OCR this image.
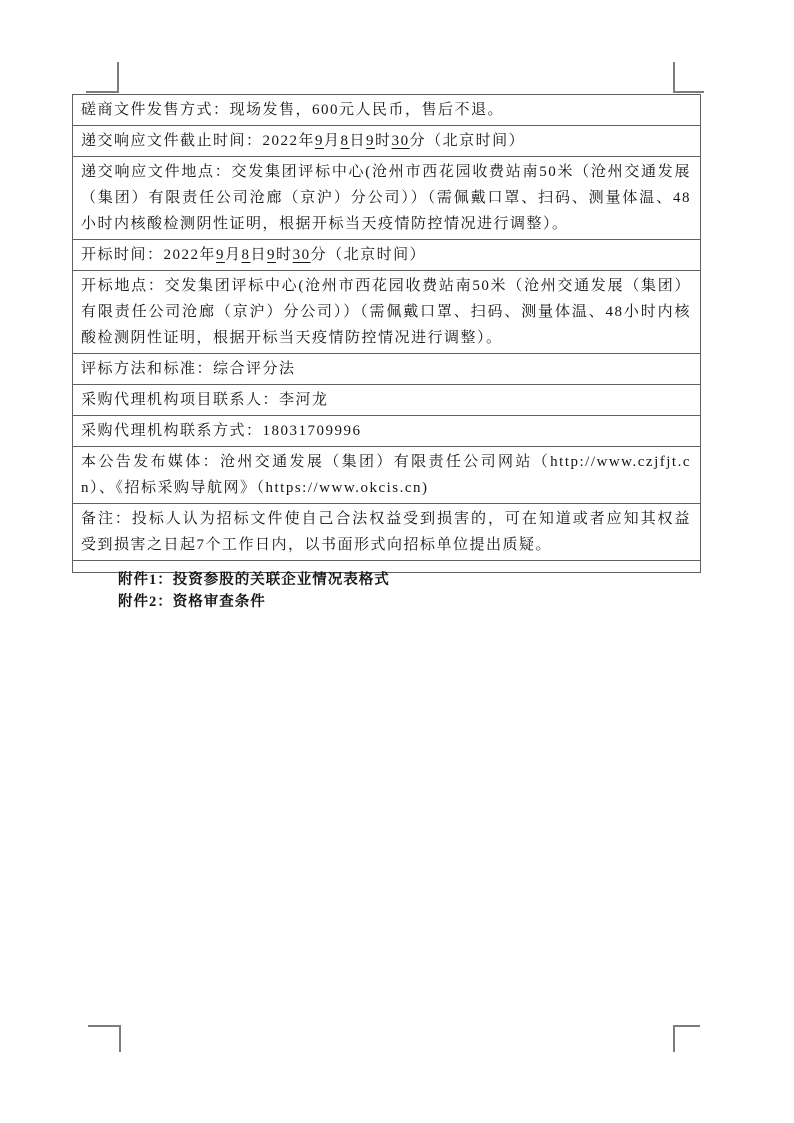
磋商文件发售方式：现场发售，600元人民币，售后不退。
递交响应文件截止时间：2022年9月8日9时30分（北京时间）
递交响应文件地点：交发集团评标中心(沧州市西花园收费站南50米（沧州交通发展（集团）有限责任公司沧廊（京沪）分公司））（需佩戴口罩、扫码、测量体温、48小时内核酸检测阴性证明，根据开标当天疫情防控情况进行调整）。
开标时间：2022年9月8日9时30分（北京时间）
开标地点：交发集团评标中心(沧州市西花园收费站南50米（沧州交通发展（集团）有限责任公司沧廊（京沪）分公司））（需佩戴口罩、扫码、测量体温、48小时内核酸检测阴性证明，根据开标当天疫情防控情况进行调整）。
评标方法和标准：综合评分法
采购代理机构项目联系人：李河龙
采购代理机构联系方式：18031709996
本公告发布媒体：沧州交通发展（集团）有限责任公司网站（http://www.czjfjt.cn）、《招标采购导航网》（https://www.okcis.cn)
备注：投标人认为招标文件使自己合法权益受到损害的，可在知道或者应知其权益受到损害之日起7个工作日内，以书面形式向招标单位提出质疑。

附件1：投资参股的关联企业情况表格式
附件2：资格审查条件
